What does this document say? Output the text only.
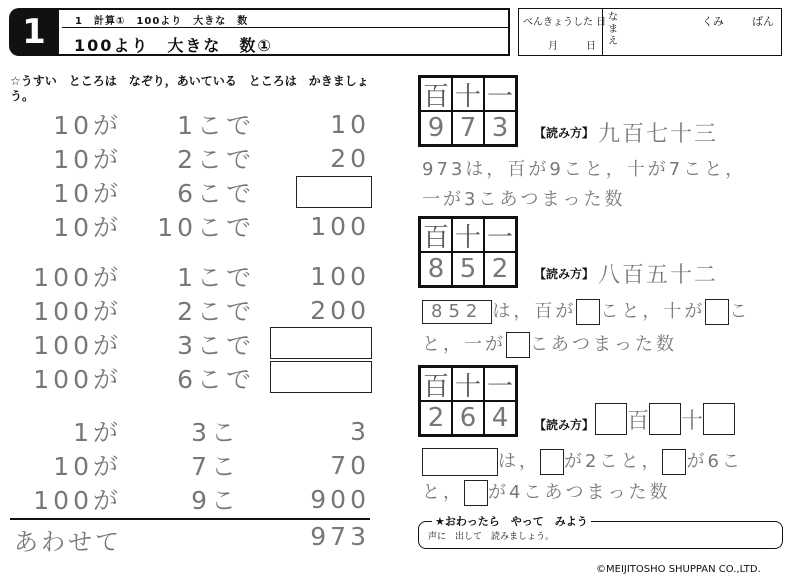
1	1　計算①　100より　大きな　数
100より　大きな　数①
べんきょうした 日
月	日
なまえ
くみ	ばん
☆うすい　ところは　なぞり，あいている　ところは　かきましょう。
10が	1こで	10
10が	2こで	20
10が	6こで
10が	10こで	100
100が	1こで	100
100が	2こで	200
100が	3こで
100が	6こで
1が	3こ	3
10が	7こ	70
100が	9こ	900
あわせて	973
百 十 一
9 7 3	【読み方】 九百七十三
973は，百が9こと，十が7こと，
一が3こあつまった数
百 十 一
8 5 2	【読み方】 八百五十二
852 は，百が こと，十が こ
と，一が こあつまった数
百 十 一
2 6 4	【読み方】 百 十
は， が2こと， が6こ
と， が4こあつまった数
★おわったら　やって　みよう
声に　出して　読みましょう。
©MEIJITOSHO SHUPPAN CO.,LTD.
